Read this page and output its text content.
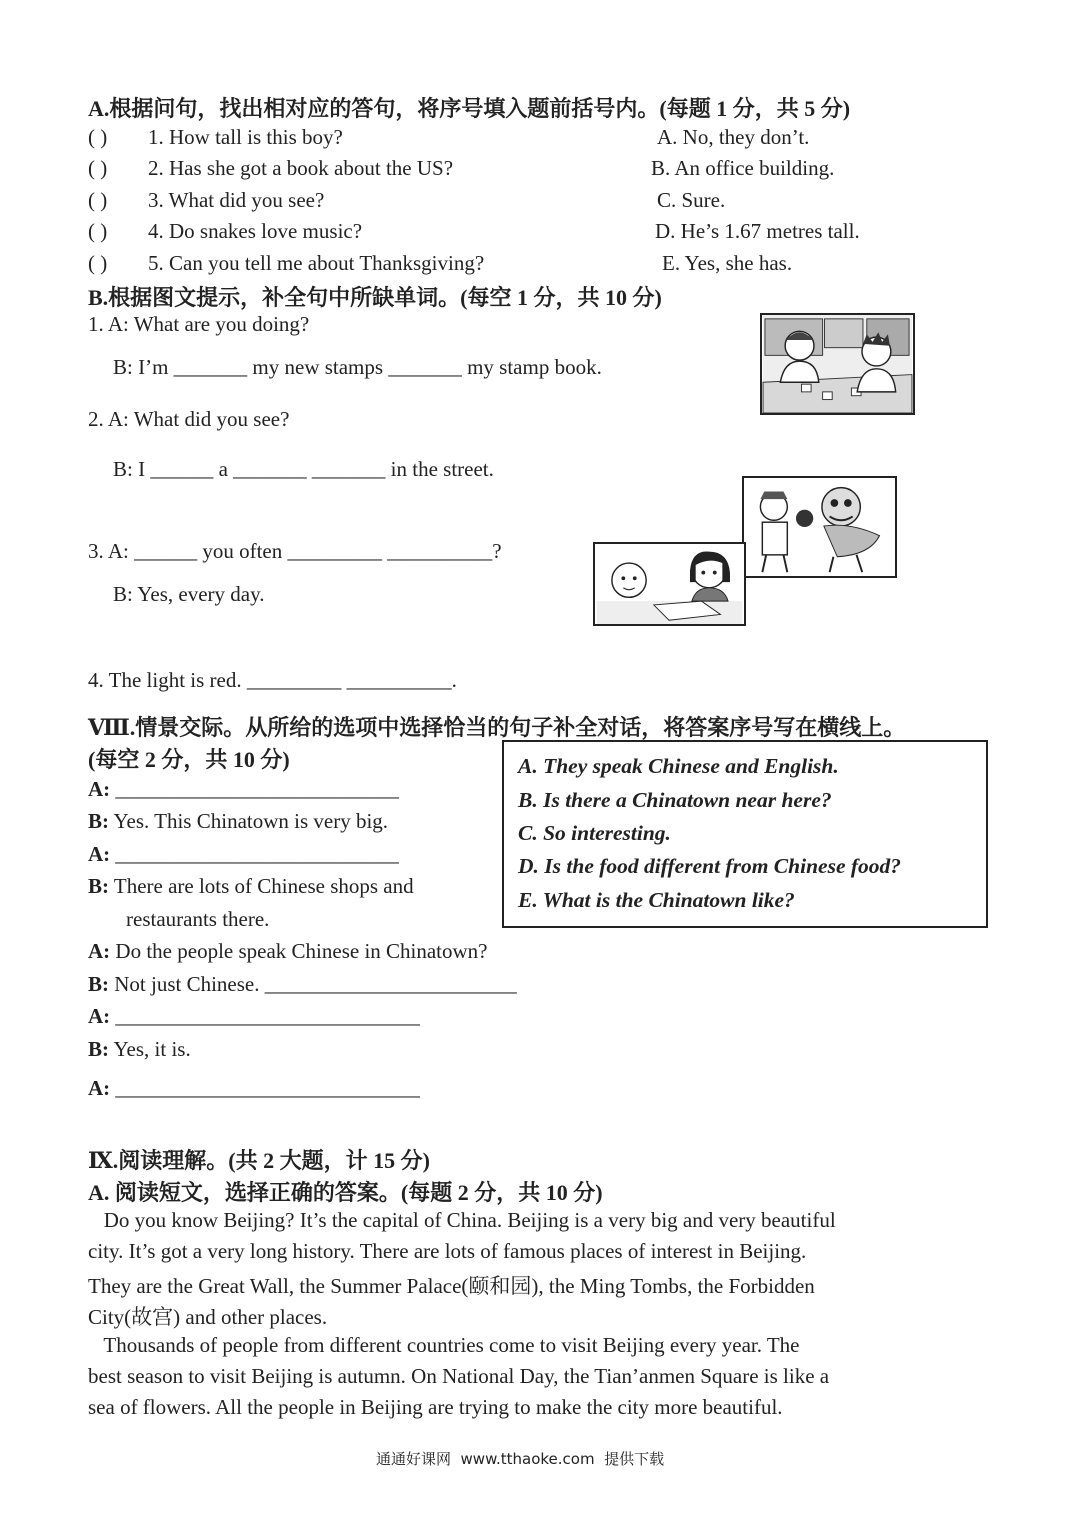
A.根据问句，找出相对应的答句，将序号填入题前括号内。(每题 1 分，共 5 分)
( ) 1. How tall is this boy?	A. No, they don’t.
( ) 2. Has she got a book about the US?	B. An office building.
( ) 3. What did you see?	C. Sure.
( ) 4. Do snakes love music?	D. He’s 1.67 metres tall.
( ) 5. Can you tell me about Thanksgiving?	E. Yes, she has.
B.根据图文提示，补全句中所缺单词。(每空 1 分，共 10 分)
1. A: What are you doing?
B: I’m _______ my new stamps _______ my stamp book.
2. A: What did you see?
B: I ______ a _______ _______ in the street.
3. A: ______ you often _________ __________?
B: Yes, every day.
4. The light is red. _________ __________.
Ⅷ.情景交际。从所给的选项中选择恰当的句子补全对话，将答案序号写在横线上。
(每空 2 分，共 10 分)	A. They speak Chinese and English.
B. Is there a Chinatown near here?
C. So interesting.
D. Is the food different from Chinese food?
E. What is the Chinatown like?
A: ___________________________
B: Yes. This Chinatown is very big.
A: ___________________________
B: There are lots of Chinese shops and
restaurants there.
A: Do the people speak Chinese in Chinatown?
B: Not just Chinese. ________________________
A: _____________________________
B: Yes, it is.
A: _____________________________
Ⅸ.阅读理解。(共 2 大题，计 15 分)
A. 阅读短文，选择正确的答案。(每题 2 分，共 10 分)
Do you know Beijing? It’s the capital of China. Beijing is a very big and very beautiful
city. It’s got a very long history. There are lots of famous places of interest in Beijing.
They are the Great Wall, the Summer Palace(颐和园), the Ming Tombs, the Forbidden
City(故宫) and other places.
Thousands of people from different countries come to visit Beijing every year. The
best season to visit Beijing is autumn. On National Day, the Tian’anmen Square is like a
sea of flowers. All the people in Beijing are trying to make the city more beautiful.
通通好课网  www.tthaoke.com  提供下载
